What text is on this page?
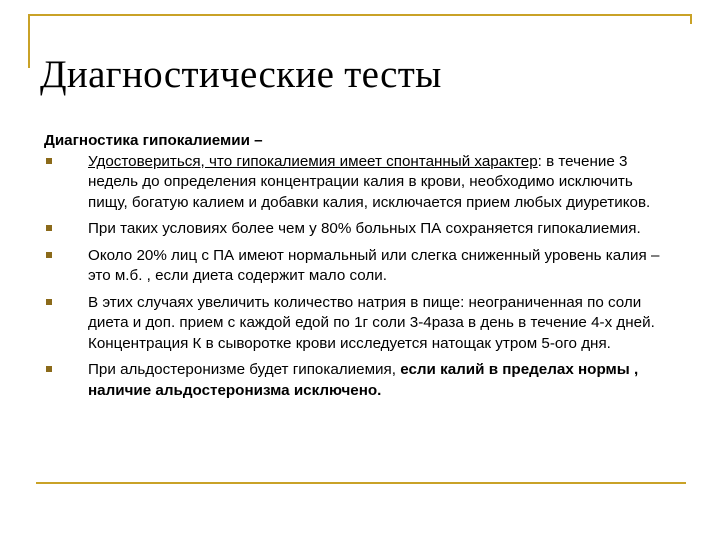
Диагностические тесты

Диагностика гипокалиемии –

Удостовериться, что гипокалиемия имеет спонтанный характер: в течение 3 недель до определения концентрации калия в крови, необходимо исключить пищу, богатую калием и добавки калия, исключается прием любых диуретиков.
При таких условиях более чем у 80% больных ПА сохраняется гипокалиемия.
Около 20% лиц с ПА имеют нормальный или слегка сниженный уровень калия – это м.б. , если диета содержит мало соли.
В этих случаях увеличить количество натрия в пище: неограниченная по соли диета и доп. прием с каждой едой по 1г соли 3-4раза в день в течение 4-х дней. Концентрация К в сыворотке крови исследуется натощак утром 5-ого дня.
При альдостеронизме будет гипокалиемия, если калий в пределах нормы , наличие альдостеронизма исключено.
